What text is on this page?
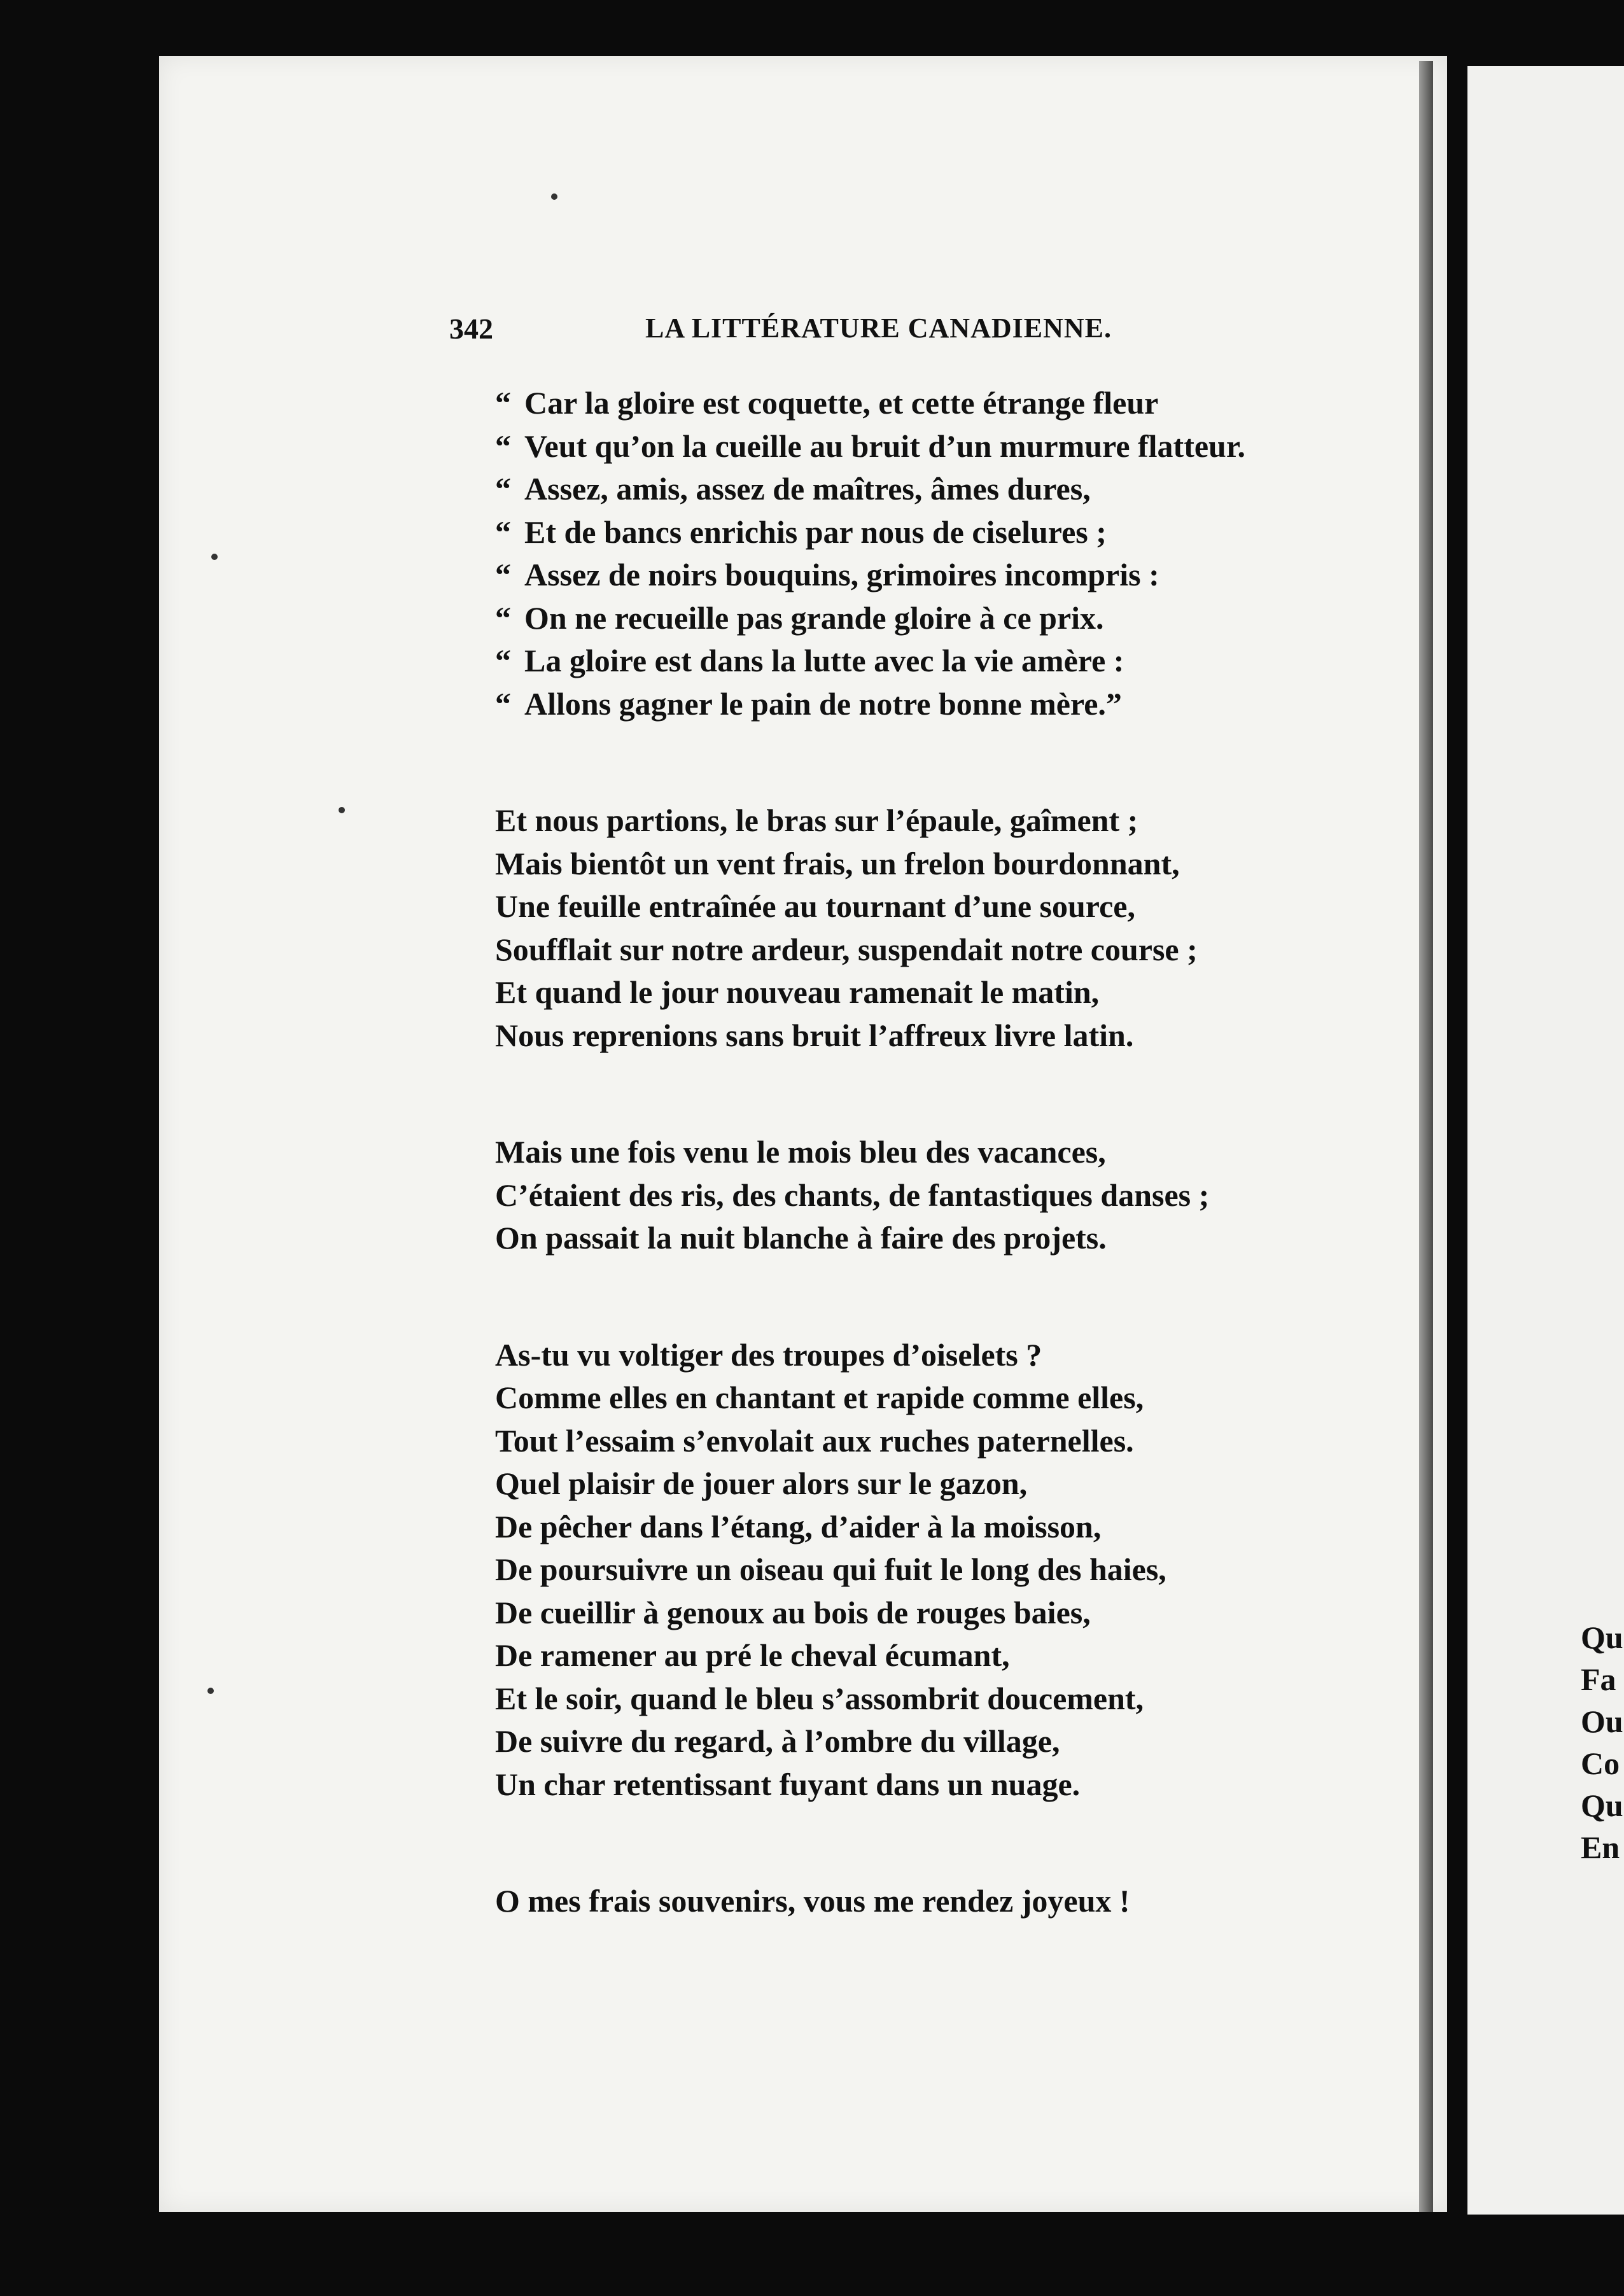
Qu
Fa
Ou
Co
Qu
En
342	LA LITTÉRATURE CANADIENNE.
“ Car la gloire est coquette, et cette étrange fleur
“ Veut qu’on la cueille au bruit d’un murmure flatteur.
“ Assez, amis, assez de maîtres, âmes dures,
“ Et de bancs enrichis par nous de ciselures ;
“ Assez de noirs bouquins, grimoires incompris :
“ On ne recueille pas grande gloire à ce prix.
“ La gloire est dans la lutte avec la vie amère :
“ Allons gagner le pain de notre bonne mère.”
Et nous partions, le bras sur l’épaule, gaîment ;
Mais bientôt un vent frais, un frelon bourdonnant,
Une feuille entraînée au tournant d’une source,
Soufflait sur notre ardeur, suspendait notre course ;
Et quand le jour nouveau ramenait le matin,
Nous reprenions sans bruit l’affreux livre latin.
Mais une fois venu le mois bleu des vacances,
C’étaient des ris, des chants, de fantastiques danses ;
On passait la nuit blanche à faire des projets.
As-tu vu voltiger des troupes d’oiselets ?
Comme elles en chantant et rapide comme elles,
Tout l’essaim s’envolait aux ruches paternelles.
Quel plaisir de jouer alors sur le gazon,
De pêcher dans l’étang, d’aider à la moisson,
De poursuivre un oiseau qui fuit le long des haies,
De cueillir à genoux au bois de rouges baies,
De ramener au pré le cheval écumant,
Et le soir, quand le bleu s’assombrit doucement,
De suivre du regard, à l’ombre du village,
Un char retentissant fuyant dans un nuage.
O mes frais souvenirs, vous me rendez joyeux !
